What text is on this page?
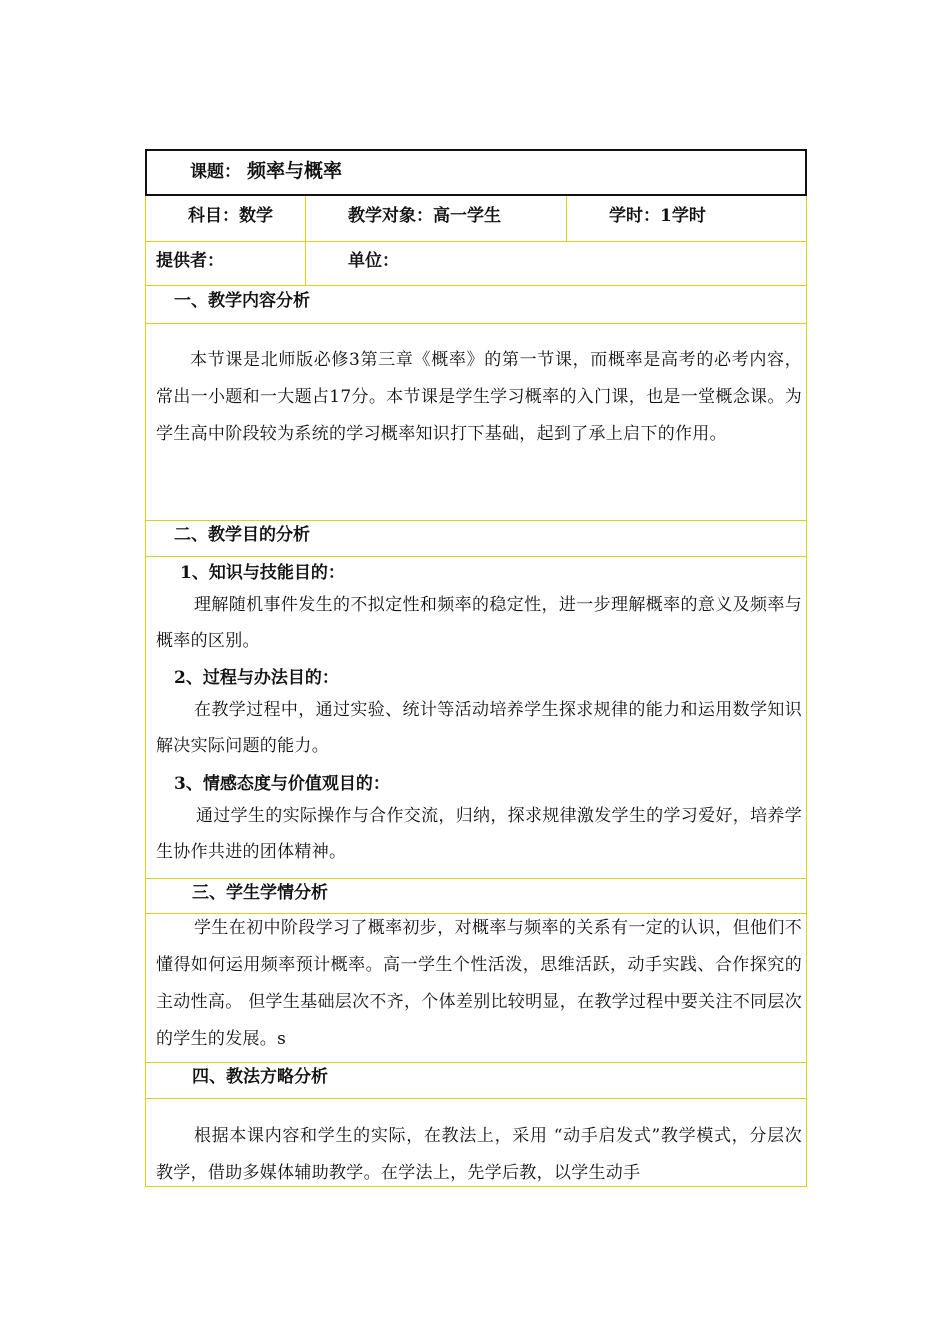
课题： 频率与概率
科目：数学	教学对象：高一学生	学时：1学时
提供者：	单位：
一、教学内容分析
本节课是北师版必修3第三章《概率》的第一节课，而概率是高考的必考内容，常出一小题和一大题占17分。本节课是学生学习概率的入门课，也是一堂概念课。为学生高中阶段较为系统的学习概率知识打下基础，起到了承上启下的作用。
二、教学目的分析
1、知识与技能目的：
理解随机事件发生的不拟定性和频率的稳定性，进一步理解概率的意义及频率与概率的区别。
2、过程与办法目的：
在教学过程中，通过实验、统计等活动培养学生探求规律的能力和运用数学知识解决实际问题的能力。
3、情感态度与价值观目的：
通过学生的实际操作与合作交流，归纳，探求规律激发学生的学习爱好，培养学生协作共进的团体精神。
三、学生学情分析
学生在初中阶段学习了概率初步，对概率与频率的关系有一定的认识，但他们不懂得如何运用频率预计概率。高一学生个性活泼，思维活跃，动手实践、合作探究的主动性高。 但学生基础层次不齐，个体差别比较明显，在教学过程中要关注不同层次的学生的发展。s
四、教法方略分析
根据本课内容和学生的实际，在教法上，采用 “动手启发式”教学模式，分层次教学，借助多媒体辅助教学。在学法上，先学后教，以学生动手
